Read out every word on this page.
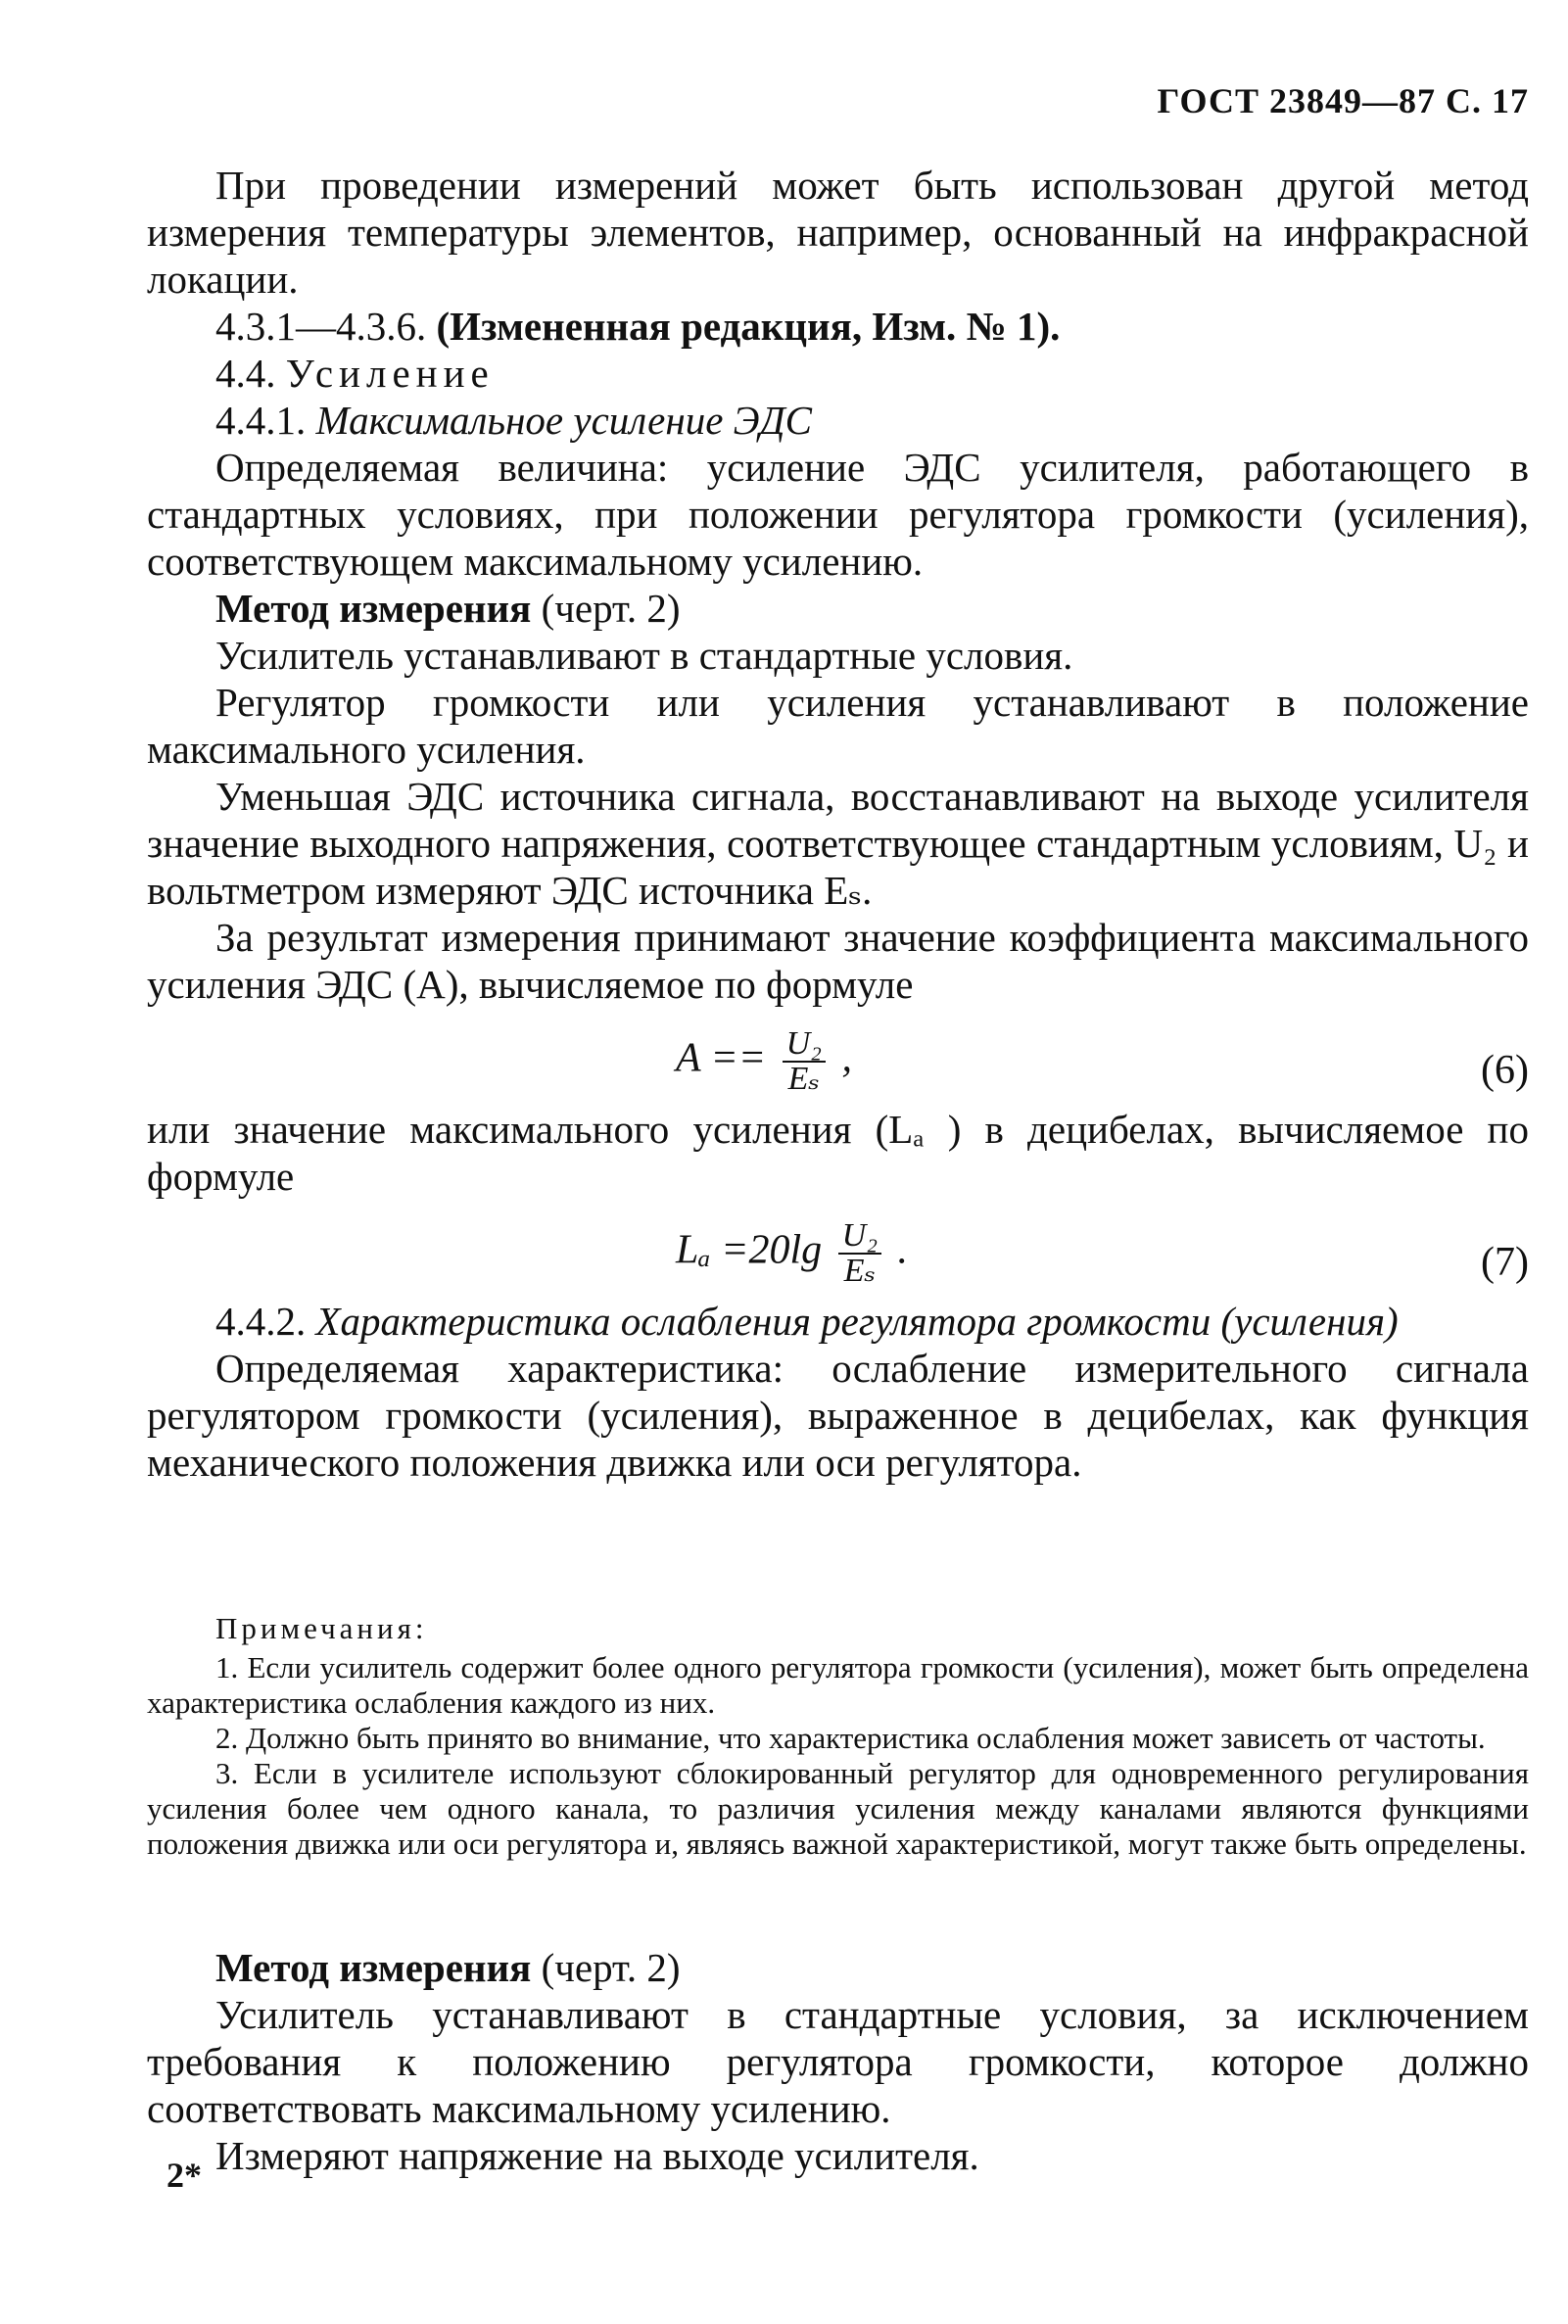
ГОСТ 23849—87 С. 17

При проведении измерений может быть использован другой метод измерения температуры элементов, например, основанный на инфракрасной локации.

4.3.1—4.3.6. (Измененная редакция, Изм. № 1).

4.4. Усиление

4.4.1. Максимальное усиление ЭДС

Определяемая величина: усиление ЭДС усилителя, работающего в стандартных условиях, при положении регулятора громкости (усиления), соответствующем максимальному усилению.

Метод измерения (черт. 2)

Усилитель устанавливают в стандартные условия.

Регулятор громкости или усиления устанавливают в положение максимального усиления.

Уменьшая ЭДС источника сигнала, восстанавливают на выходе усилителя значение выходного напряжения, соответствующее стандартным условиям, U₂ и вольтметром измеряют ЭДС источника Eₛ.

За результат измерения принимают значение коэффициента максимального усиления ЭДС (A), вычисляемое по формуле

$A == \frac{\text{U₂}}{\text{Eₛ}}$ ,	(6)

или значение максимального усиления (Lₐ ) в децибелах, вычисляемое по формуле

$L_a =20\lg \frac{\text{U₂}}{\text{Eₛ}}$ .	(7)

4.4.2. Характеристика ослабления регулятора громкости (усиления)

Определяемая характеристика: ослабление измерительного сигнала регулятором громкости (усиления), выраженное в децибелах, как функция механического положения движка или оси регулятора.

Примечания:

1. Если усилитель содержит более одного регулятора громкости (усиления), может быть определена характеристика ослабления каждого из них.

2. Должно быть принято во внимание, что характеристика ослабления может зависеть от частоты.

3. Если в усилителе используют сблокированный регулятор для одновременного регулирования усиления более чем одного канала, то различия усиления между каналами являются функциями положения движка или оси регулятора и, являясь важной характеристикой, могут также быть определены.

Метод измерения (черт. 2)

Усилитель устанавливают в стандартные условия, за исключением требования к положению регулятора громкости, которое должно соответствовать максимальному усилению.

Измеряют напряжение на выходе усилителя.

2*
